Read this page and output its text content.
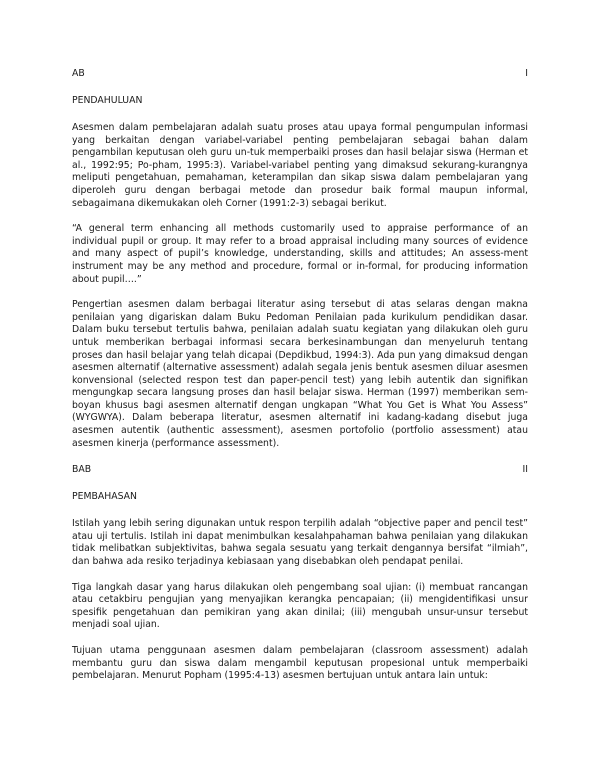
AB	I
PENDAHULUAN

Asesmen dalam pembelajaran adalah suatu proses atau upaya formal pengumpulan informasi yang berkaitan dengan variabel-variabel penting pembelajaran sebagai bahan dalam pengambilan keputusan oleh guru un-tuk memperbaiki proses dan hasil belajar siswa (Herman et al., 1992:95; Po-pham, 1995:3). Variabel-variabel penting yang dimaksud sekurang-kurangnya meliputi pengetahuan, pemahaman, keterampilan dan sikap siswa dalam pembelajaran yang diperoleh guru dengan berbagai metode dan prosedur baik formal maupun informal, sebagaimana dikemukakan oleh Corner (1991:2-3) sebagai berikut.

“A general term enhancing all methods customarily used to appraise performance of an individual pupil or group. It may refer to a broad appraisal including many sources of evidence and many aspect of pupil’s knowledge, understanding, skills and attitudes; An assess-ment instrument may be any method and procedure, formal or in-formal, for producing information about pupil….”

Pengertian asesmen dalam berbagai literatur asing tersebut di atas selaras dengan makna penilaian yang digariskan dalam Buku Pedoman Penilaian pada kurikulum pendidikan dasar. Dalam buku tersebut tertulis bahwa, penilaian adalah suatu kegiatan yang dilakukan oleh guru untuk memberikan berbagai informasi secara berkesinambungan dan menyeluruh tentang proses dan hasil belajar yang telah dicapai (Depdikbud, 1994:3). Ada pun yang dimaksud dengan asesmen alternatif (alternative assessment) adalah segala jenis bentuk asesmen diluar asesmen konvensional (selected respon test dan paper-pencil test) yang lebih autentik dan signifikan mengungkap secara langsung proses dan hasil belajar siswa. Herman (1997) memberikan sem-boyan khusus bagi asesmen alternatif dengan ungkapan “What You Get is What You Assess” (WYGWYA). Dalam beberapa literatur, asesmen alternatif ini kadang-kadang disebut juga asesmen autentik (authentic assessment), asesmen portofolio (portfolio assessment) atau asesmen kinerja (performance assessment).

BAB	II
PEMBAHASAN

Istilah yang lebih sering digunakan untuk respon terpilih adalah “objective paper and pencil test” atau uji tertulis. Istilah ini dapat menimbulkan kesalahpahaman bahwa penilaian yang dilakukan tidak melibatkan subjektivitas, bahwa segala sesuatu yang terkait dengannya bersifat “ilmiah”, dan bahwa ada resiko terjadinya kebiasaan yang disebabkan oleh pendapat penilai.

Tiga langkah dasar yang harus dilakukan oleh pengembang soal ujian: (i) membuat rancangan atau cetakbiru pengujian yang menyajikan kerangka pencapaian; (ii) mengidentifikasi unsur spesifik pengetahuan dan pemikiran yang akan dinilai; (iii) mengubah unsur-unsur tersebut menjadi soal ujian.

Tujuan utama penggunaan asesmen dalam pembelajaran (classroom assessment) adalah membantu guru dan siswa dalam mengambil keputusan propesional untuk memperbaiki pembelajaran. Menurut Popham (1995:4-13) asesmen bertujuan untuk antara lain untuk:
